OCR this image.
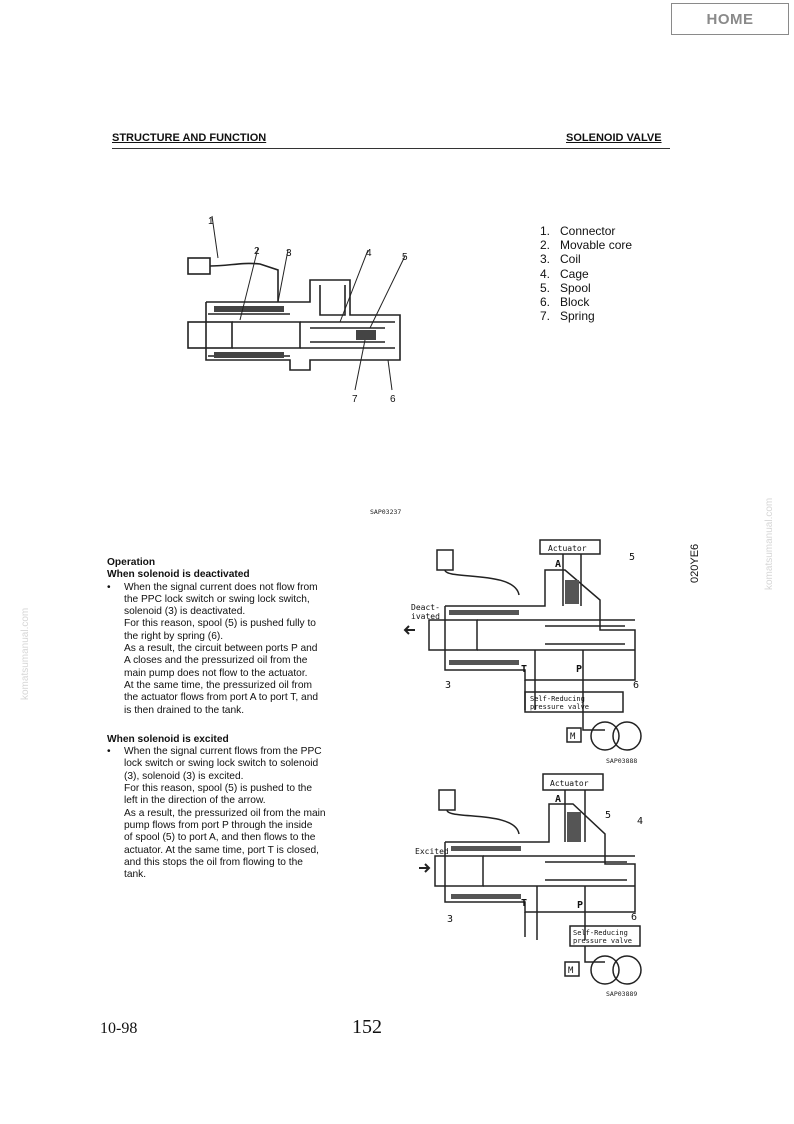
HOME
STRUCTURE AND FUNCTION	SOLENOID VALVE
1
2	3	4	5
7	6
1. Connector
2. Movable core
3. Coil
4. Cage
5. Spool
6. Block
7. Spring
SAP03237
Operation
When solenoid is deactivated
•	When the signal current does not flow from
the PPC lock switch or swing lock switch,
solenoid (3) is deactivated.
For this reason, spool (5) is pushed fully to
the right by spring (6).
As a result, the circuit between ports P and
A closes and the pressurized oil from the
main pump does not flow to the actuator.
At the same time, the pressurized oil from
the actuator flows from port A to port T, and
is then drained to the tank.
When solenoid is excited
•	When the signal current flows from the PPC
lock switch or swing lock switch to solenoid
(3), solenoid (3) is excited.
For this reason, spool (5) is pushed to the
left in the direction of the arrow.
As a result, the pressurized oil from the main
pump flows from port P through the inside
of spool (5) to port A, and then flows to the
actuator. At the same time, port T is closed,
and this stops the oil from flowing to the
tank.
Actuator
Deact-
ivated
A
P
T
5
3	6
Self-Reducing
pressure valve
M
SAP03888
Actuator
Excited
A
P
T
5
4
3	6
Self-Reducing
pressure valve
M
SAP03889
10-98	152
020YE6
komatsumanual.com
komatsumanual.com
